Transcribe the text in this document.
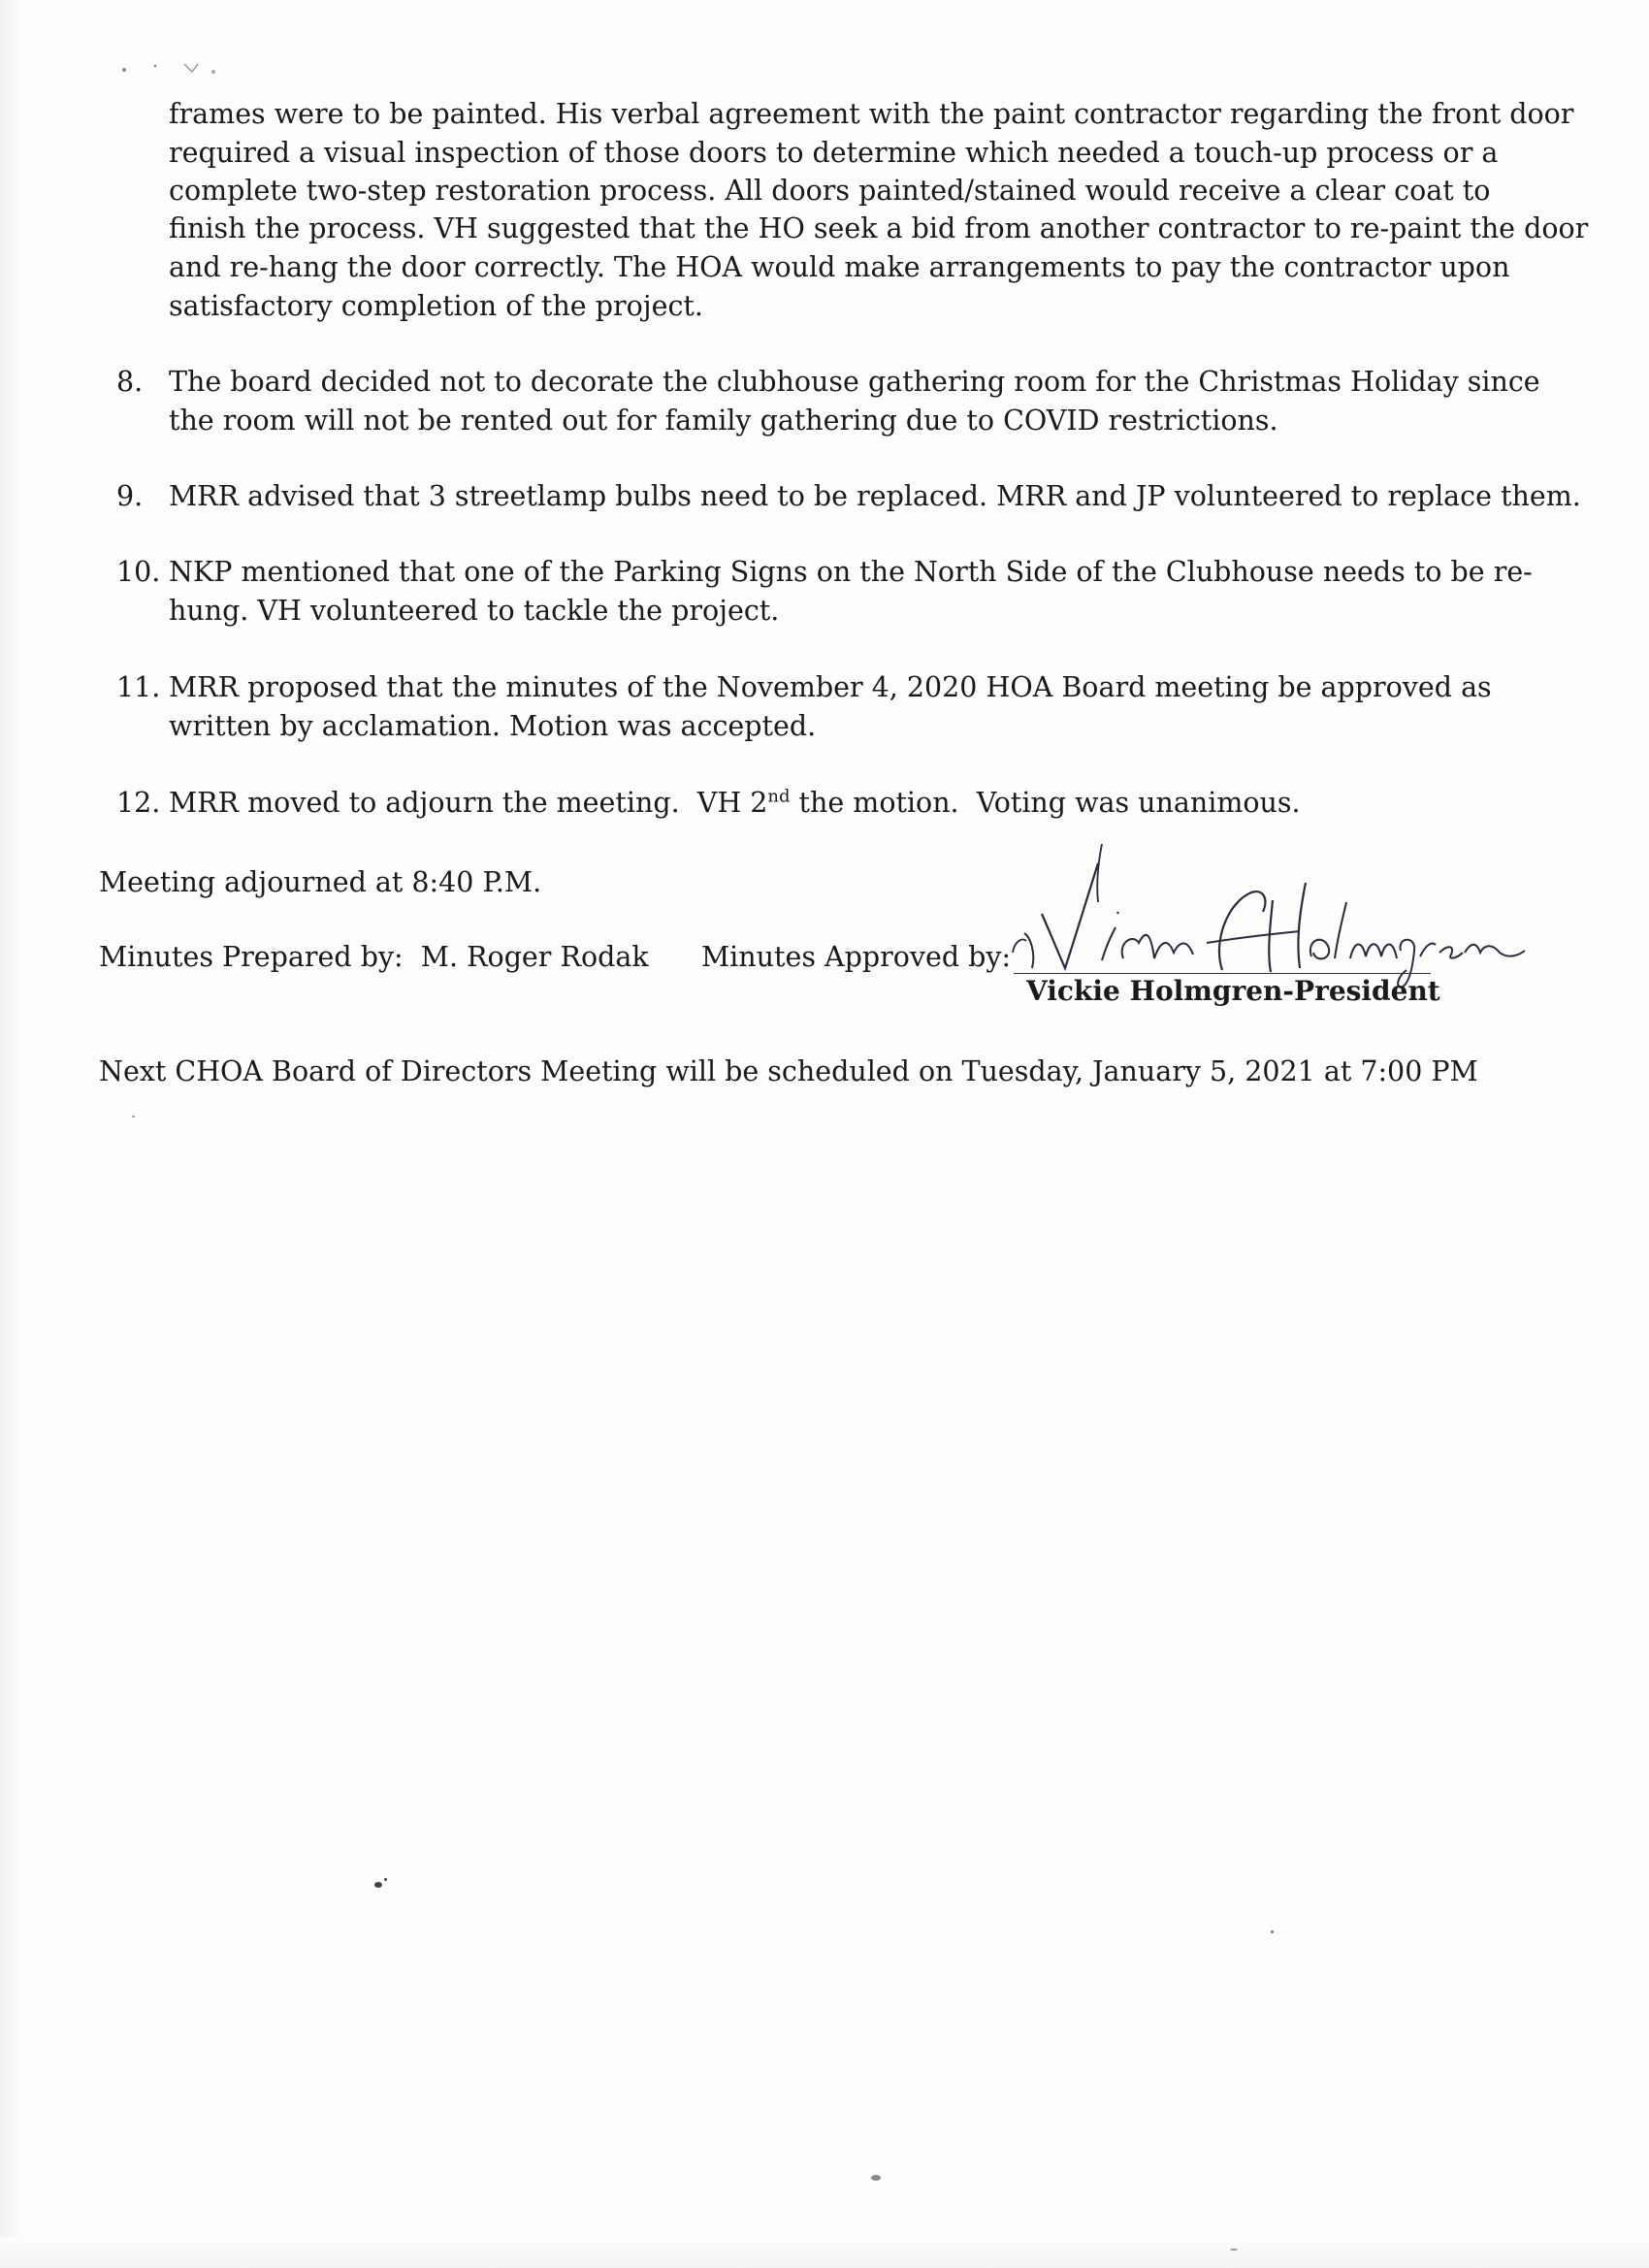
frames were to be painted. His verbal agreement with the paint contractor regarding the front door
required a visual inspection of those doors to determine which needed a touch-up process or a
complete two-step restoration process. All doors painted/stained would receive a clear coat to
finish the process. VH suggested that the HO seek a bid from another contractor to re-paint the door
and re-hang the door correctly. The HOA would make arrangements to pay the contractor upon
satisfactory completion of the project.
8. The board decided not to decorate the clubhouse gathering room for the Christmas Holiday since
the room will not be rented out for family gathering due to COVID restrictions.
9. MRR advised that 3 streetlamp bulbs need to be replaced. MRR and JP volunteered to replace them.
10. NKP mentioned that one of the Parking Signs on the North Side of the Clubhouse needs to be re-
hung. VH volunteered to tackle the project.
11. MRR proposed that the minutes of the November 4, 2020 HOA Board meeting be approved as
written by acclamation. Motion was accepted.
12. MRR moved to adjourn the meeting.  VH 2nd the motion.  Voting was unanimous.
Meeting adjourned at 8:40 P.M.
Minutes Prepared by:  M. Roger Rodak Minutes Approved by:
Vickie Holmgren-President
Next CHOA Board of Directors Meeting will be scheduled on Tuesday, January 5, 2021 at 7:00 PM
